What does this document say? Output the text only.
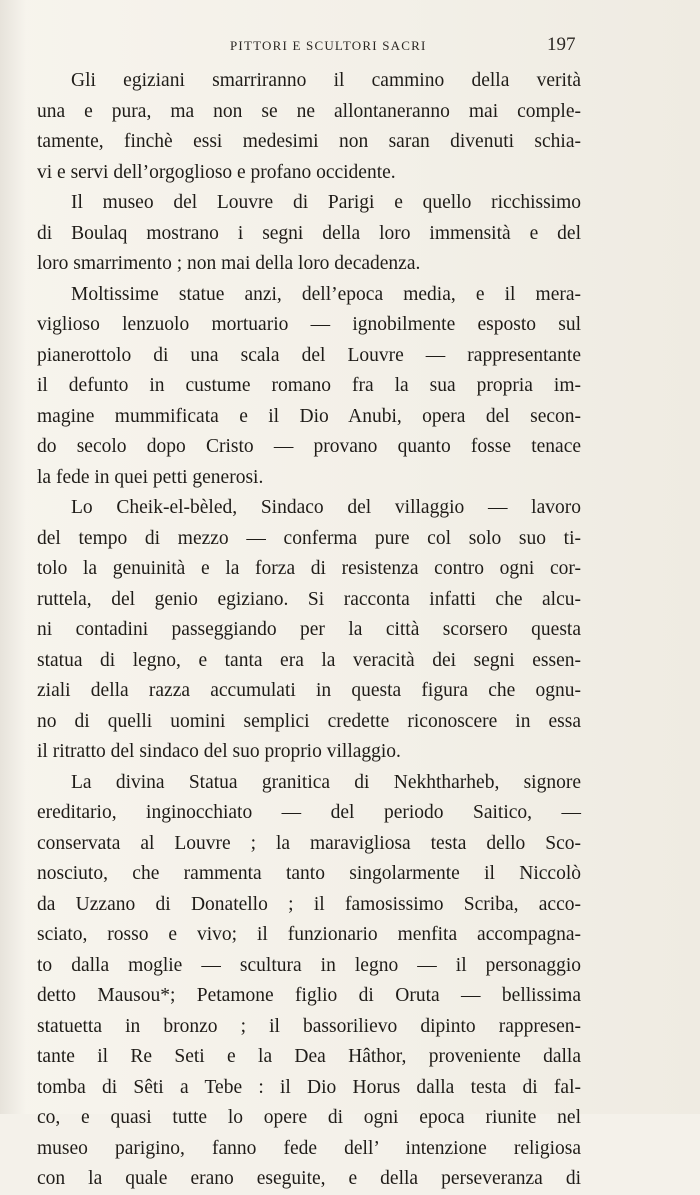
PITTORI E SCULTORI SACRI	197
Gli egiziani smarriranno il cammino della verità
una e pura, ma non se ne allontaneranno mai comple-
tamente, finchè essi medesimi non saran divenuti schia-
vi e servi dell’orgoglioso e profano occidente.
Il museo del Louvre di Parigi e quello ricchissimo
di Boulaq mostrano i segni della loro immensità e del
loro smarrimento ; non mai della loro decadenza.
Moltissime statue anzi, dell’epoca media, e il mera-
viglioso lenzuolo mortuario — ignobilmente esposto sul
pianerottolo di una scala del Louvre — rappresentante
il defunto in custume romano fra la sua propria im-
magine mummificata e il Dio Anubi, opera del secon-
do secolo dopo Cristo — provano quanto fosse tenace
la fede in quei petti generosi.
Lo Cheik-el-bèled, Sindaco del villaggio — lavoro
del tempo di mezzo — conferma pure col solo suo ti-
tolo la genuinità e la forza di resistenza contro ogni cor-
ruttela, del genio egiziano. Si racconta infatti che alcu-
ni contadini passeggiando per la città scorsero questa
statua di legno, e tanta era la veracità dei segni essen-
ziali della razza accumulati in questa figura che ognu-
no di quelli uomini semplici credette riconoscere in essa
il ritratto del sindaco del suo proprio villaggio.
La divina Statua granitica di Nekhtharheb, signore
ereditario, inginocchiato — del periodo Saitico, —
conservata al Louvre ; la maravigliosa testa dello Sco-
nosciuto, che rammenta tanto singolarmente il Niccolò
da Uzzano di Donatello ; il famosissimo Scriba, acco-
sciato, rosso e vivo; il funzionario menfita accompagna-
to dalla moglie — scultura in legno — il personaggio
detto Mausou*; Petamone figlio di Oruta — bellissima
statuetta in bronzo ; il bassorilievo dipinto rappresen-
tante il Re Seti e la Dea Hâthor, proveniente dalla
tomba di Sêti a Tebe : il Dio Horus dalla testa di fal-
co, e quasi tutte lo opere di ogni epoca riunite nel
museo parigino, fanno fede dell’ intenzione religiosa
con la quale erano eseguite, e della perseveranza di
